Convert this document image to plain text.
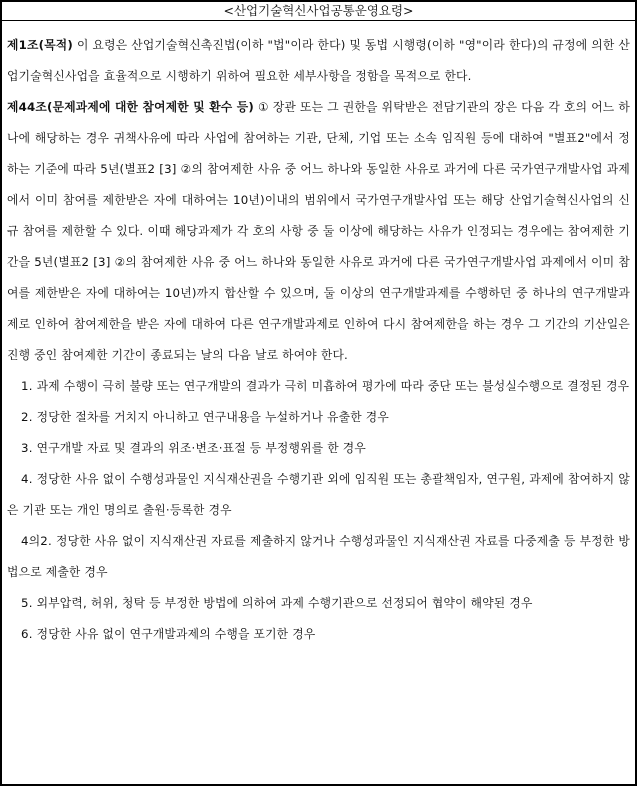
<산업기술혁신사업공통운영요령>

제1조(목적) 이 요령은 산업기술혁신촉진법(이하 "법"이라 한다) 및 동법 시행령(이하 "영"이라 한다)의 규정에 의한 산업기술혁신사업을 효율적으로 시행하기 위하여 필요한 세부사항을 정함을 목적으로 한다.

제44조(문제과제에 대한 참여제한 및 환수 등) ① 장관 또는 그 권한을 위탁받은 전담기관의 장은 다음 각 호의 어느 하나에 해당하는 경우 귀책사유에 따라 사업에 참여하는 기관, 단체, 기업 또는 소속 임직원 등에 대하여 "별표2"에서 정하는 기준에 따라 5년(별표2 [3] ②의 참여제한 사유 중 어느 하나와 동일한 사유로 과거에 다른 국가연구개발사업 과제에서 이미 참여를 제한받은 자에 대하여는 10년)이내의 범위에서 국가연구개발사업 또는 해당 산업기술혁신사업의 신규 참여를 제한할 수 있다. 이때 해당과제가 각 호의 사항 중 둘 이상에 해당하는 사유가 인정되는 경우에는 참여제한 기간을 5년(별표2 [3] ②의 참여제한 사유 중 어느 하나와 동일한 사유로 과거에 다른 국가연구개발사업 과제에서 이미 참여를 제한받은 자에 대하여는 10년)까지 합산할 수 있으며, 둘 이상의 연구개발과제를 수행하던 중 하나의 연구개발과제로 인하여 참여제한을 받은 자에 대하여 다른 연구개발과제로 인하여 다시 참여제한을 하는 경우 그 기간의 기산일은 진행 중인 참여제한 기간이 종료되는 날의 다음 날로 하여야 한다.

1. 과제 수행이 극히 불량 또는 연구개발의 결과가 극히 미흡하여 평가에 따라 중단 또는 불성실수행으로 결정된 경우

2. 정당한 절차를 거치지 아니하고 연구내용을 누설하거나 유출한 경우

3. 연구개발 자료 및 결과의 위조·변조·표절 등 부정행위를 한 경우

4. 정당한 사유 없이 수행성과물인 지식재산권을 수행기관 외에 임직원 또는 총괄책임자, 연구원, 과제에 참여하지 않은 기관 또는 개인 명의로 출원·등록한 경우

4의2. 정당한 사유 없이 지식재산권 자료를 제출하지 않거나 수행성과물인 지식재산권 자료를 다중제출 등 부정한 방법으로 제출한 경우

5. 외부압력, 허위, 청탁 등 부정한 방법에 의하여 과제 수행기관으로 선정되어 협약이 해약된 경우

6. 정당한 사유 없이 연구개발과제의 수행을 포기한 경우
